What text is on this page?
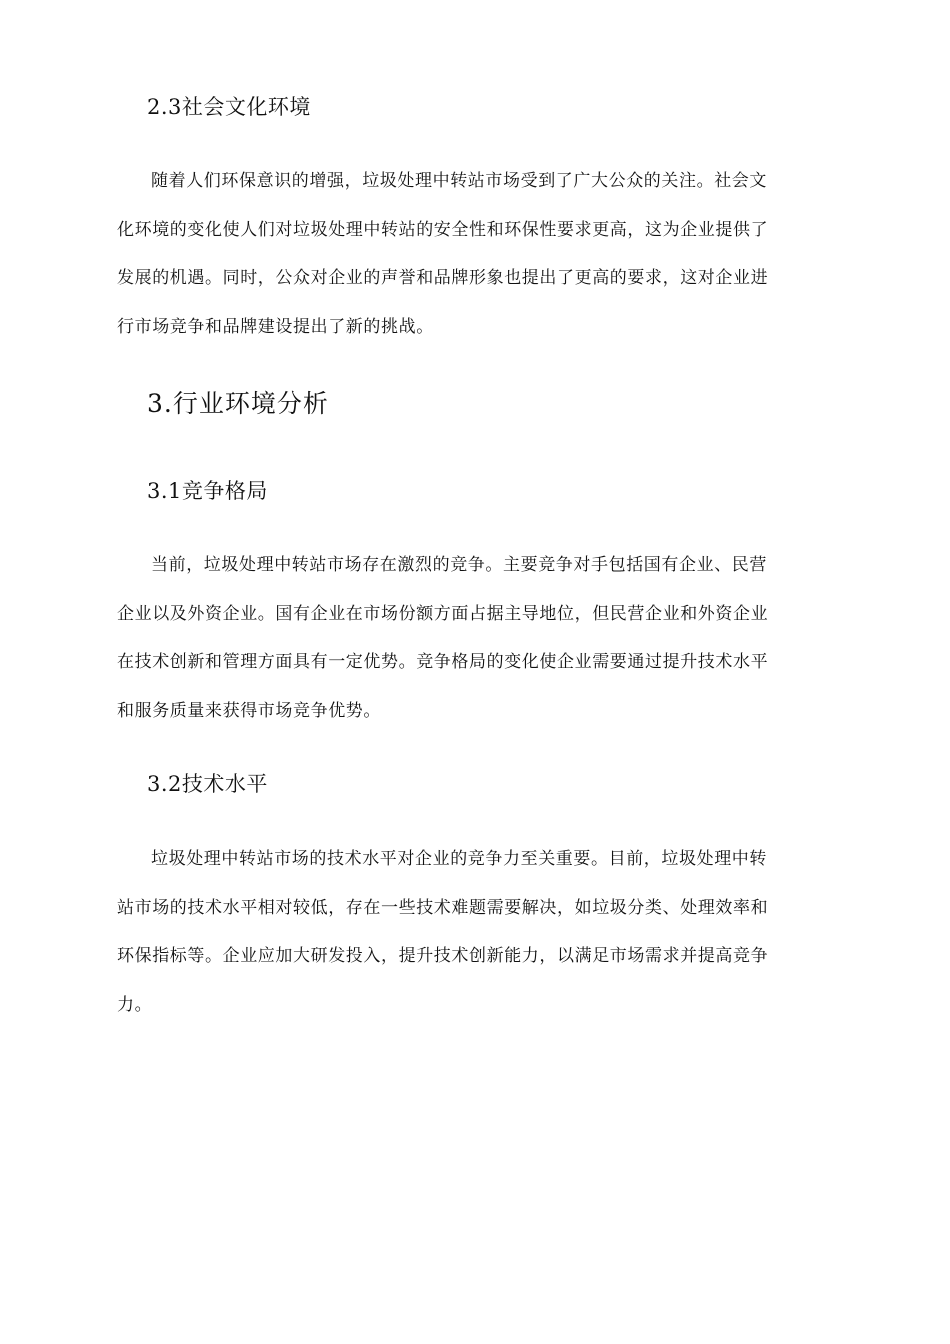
2.3社会文化环境
随着人们环保意识的增强，垃圾处理中转站市场受到了广大公众的关注。社会文
化环境的变化使人们对垃圾处理中转站的安全性和环保性要求更高，这为企业提供了
发展的机遇。同时，公众对企业的声誉和品牌形象也提出了更高的要求，这对企业进
行市场竞争和品牌建设提出了新的挑战。
3.行业环境分析
3.1竞争格局
当前，垃圾处理中转站市场存在激烈的竞争。主要竞争对手包括国有企业、民营
企业以及外资企业。国有企业在市场份额方面占据主导地位，但民营企业和外资企业
在技术创新和管理方面具有一定优势。竞争格局的变化使企业需要通过提升技术水平
和服务质量来获得市场竞争优势。
3.2技术水平
垃圾处理中转站市场的技术水平对企业的竞争力至关重要。目前，垃圾处理中转
站市场的技术水平相对较低，存在一些技术难题需要解决，如垃圾分类、处理效率和
环保指标等。企业应加大研发投入，提升技术创新能力，以满足市场需求并提高竞争
力。
